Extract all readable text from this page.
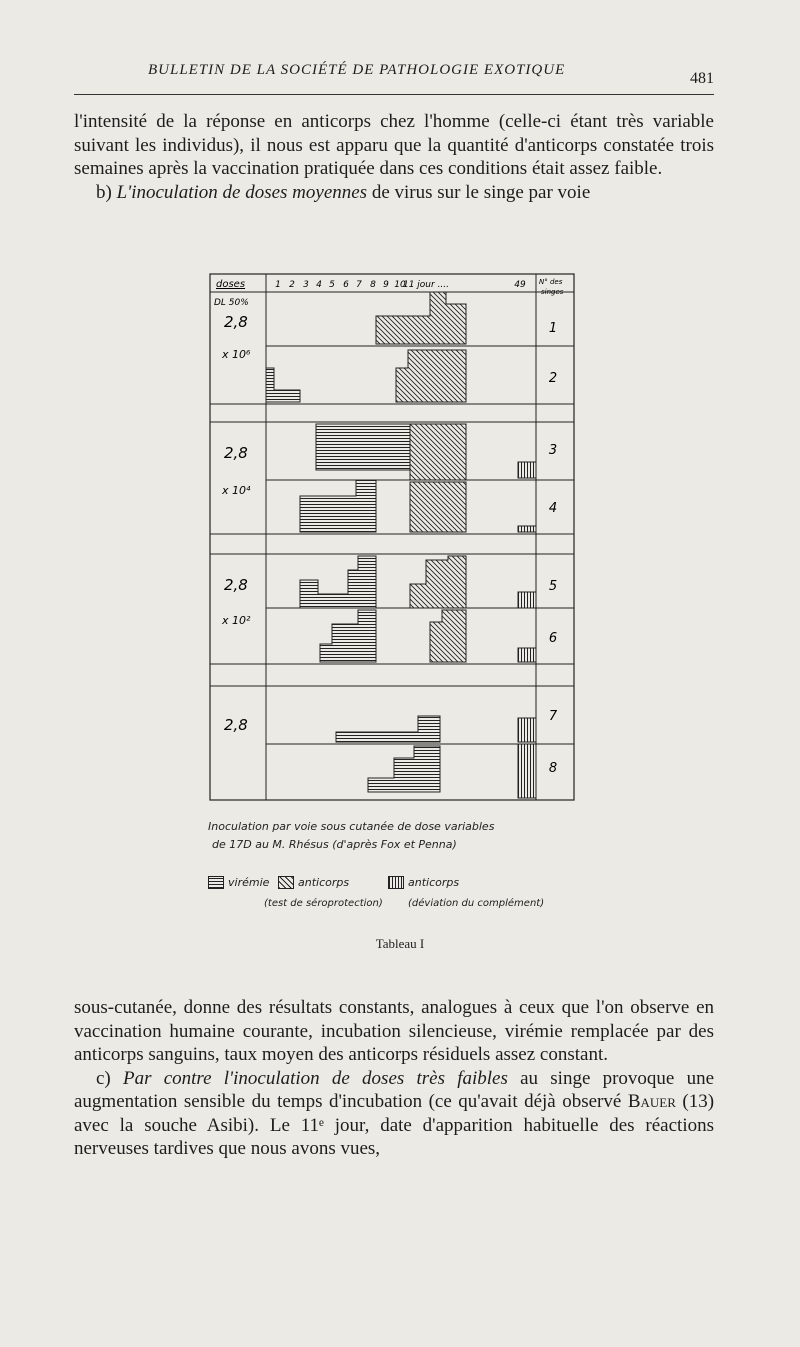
BULLETIN DE LA SOCIÉTÉ DE PATHOLOGIE EXOTIQUE	481

l'intensité de la réponse en anticorps chez l'homme (celle-ci étant très variable suivant les individus), il nous est apparu que la quantité d'anticorps constatée trois semaines après la vaccination pratiquée dans ces conditions était assez faible.

b) L'inoculation de doses moyennes de virus sur le singe par voie

doses	N° des singes
1 2 3 4 5 6 7 8 9 10
11 jour ....	49
DL 50%
2,8
x 10⁶
2,8
x 10⁴
2,8
x 10²
2,8
1
2
3
4
5
6
7
8
Inoculation par voie sous cutanée de dose variables
de 17D au M. Rhésus (d'après Fox et Penna)
virémie	anticorps	anticorps
(test de séroprotection)	(déviation du complément)
Tableau I

sous-cutanée, donne des résultats constants, analogues à ceux que l'on observe en vaccination humaine courante, incubation silencieuse, virémie remplacée par des anticorps sanguins, taux moyen des anticorps résiduels assez constant.

c) Par contre l'inoculation de doses très faibles au singe provoque une augmentation sensible du temps d'incubation (ce qu'avait déjà observé Bauer (13) avec la souche Asibi). Le 11ᵉ jour, date d'apparition habituelle des réactions nerveuses tardives que nous avons vues,
